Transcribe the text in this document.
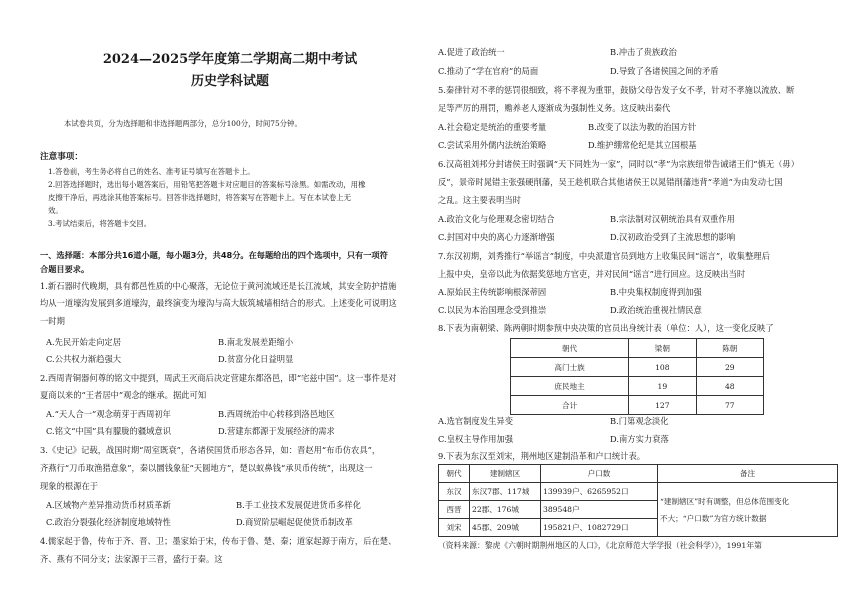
2024—2025学年度第二学期高二期中考试
历史学科试题
本试卷共页，分为选择题和非选择题两部分，总分100分，时间75分钟。
注意事项：
1.答卷前，考生务必将自己的姓名、准考证号填写在答题卡上。
2.回答选择题时，选出每小题答案后，用铅笔把答题卡对应题目的答案标号涂黑。如需改动，用橡
皮擦干净后，再选涂其他答案标号。回答非选择题时，将答案写在答题卡上。写在本试卷上无
效。
3.考试结束后，将答题卡交回。
一、选择题：本部分共16道小题，每小题3分，共48分。在每题给出的四个选项中，只有一项符
合题目要求。
1.新石器时代晚期，具有都邑性质的中心聚落，无论位于黄河流域还是长江流域，其安全防护措施
均从一道壕沟发展到多道壕沟，最终演变为壕沟与高大版筑城墙相结合的形式。上述变化可说明这
一时期
A.先民开始走向定居	B.南北发展差距缩小
C.公共权力渐趋强大	D.贫富分化日益明显
2.西周青铜器何尊的铭文中提到，周武王灭商后决定营建东都洛邑，即“宅兹中国”。这一事件是对
夏商以来的“王者居中”观念的继承。据此可知
A.“天人合一”观念萌芽于西周初年	B.西周统治中心转移到洛邑地区
C.铭文“中国”具有朦胧的疆域意识	D.营建东都源于发展经济的需求
3.《史记》记载，战国时期“周室既衰”，各诸侯国货币形态各异，如：晋赵用“布币仿农具”，
齐燕行“刀币取渔猎意象”，秦以圜钱象征“天圆地方”，楚以蚁鼻钱“承贝币传统”，出现这一
现象的根源在于
A.区域物产差异推动货币材质革新	B.手工业技术发展促进货币多样化
C.政治分裂强化经济制度地域特性	D.商贸阶层崛起促使货币制改革
4.儒家起于鲁，传布于齐、晋、卫；墨家始于宋，传布于鲁、楚、秦；道家起源于南方，后在楚、
齐、燕有不同分支；法家源于三晋，盛行于秦。这
A.促进了政治统一	B.冲击了贵族政治
C.推动了“学在官府”的局面	D.导致了各诸侯国之间的矛盾
5.秦律针对不孝的惩罚很细致，将不孝视为重罪，鼓励父母告发子女不孝，针对不孝施以流放、断
足等严厉的刑罚，赡养老人逐渐成为强制性义务。这反映出秦代
A.社会稳定是统治的重要考量	B.改变了以法为教的治国方针
C.尝试采用外儒内法统治策略	D.维护绷常伦纪是其立国根基
6.汉高祖刘邦分封诸侯王时强调“天下同姓为一家”，同时以“孝”为宗族纽带告诫诸王们“慎无（毋）
反”，景帝时晁错主张强硬削藩，吴王趁机联合其他诸侯王以晁错削藩违背“孝道”为由发动七国
之乱。这主要表明当时
A.政治文化与伦理观念密切结合	B.宗法制对汉朝统治具有双重作用
C.封国对中央的离心力逐渐增强	D.汉初政治受到了主流思想的影响
7.东汉初期，刘秀推行“举谣言”制度，中央派遣官员到地方上收集民间“谣言”，收集整理后
上报中央，皇帝以此为依据奖惩地方官吏，并对民间“谣言”进行回应。这反映出当时
A.原始民主传统影响根深蒂固	B.中央集权制度得到加强
C.以民为本治国理念受到推崇	D.政治统治重视社情民意
8.下表为南朝梁、陈两朝时期参预中央决策的官员出身统计表（单位：人），这一变化反映了
朝代	梁朝	陈朝
高门士族	108	29
庶民地主	19	48
合计	127	77
A.选官制度发生异变	B.门第观念淡化
C.皇权主导作用加强	D.南方实力衰落
9.下表为东汉至刘宋，荆州地区建制沿革和户口统计表。
朝代	建制辖区	户口数	备注
东汉	东汉7郡、117城	139939户、6265952口	“建制辖区”时有调整，但总体范围变化
不大；“户口数”为官方统计数据

西晋	22郡、176城	389548户	
刘宋	45郡、209城	195821户、1082729口	
（资料来源：黎虎《六朝时期荆州地区的人口》，《北京师范大学学报（社会科学）》，1991年第
